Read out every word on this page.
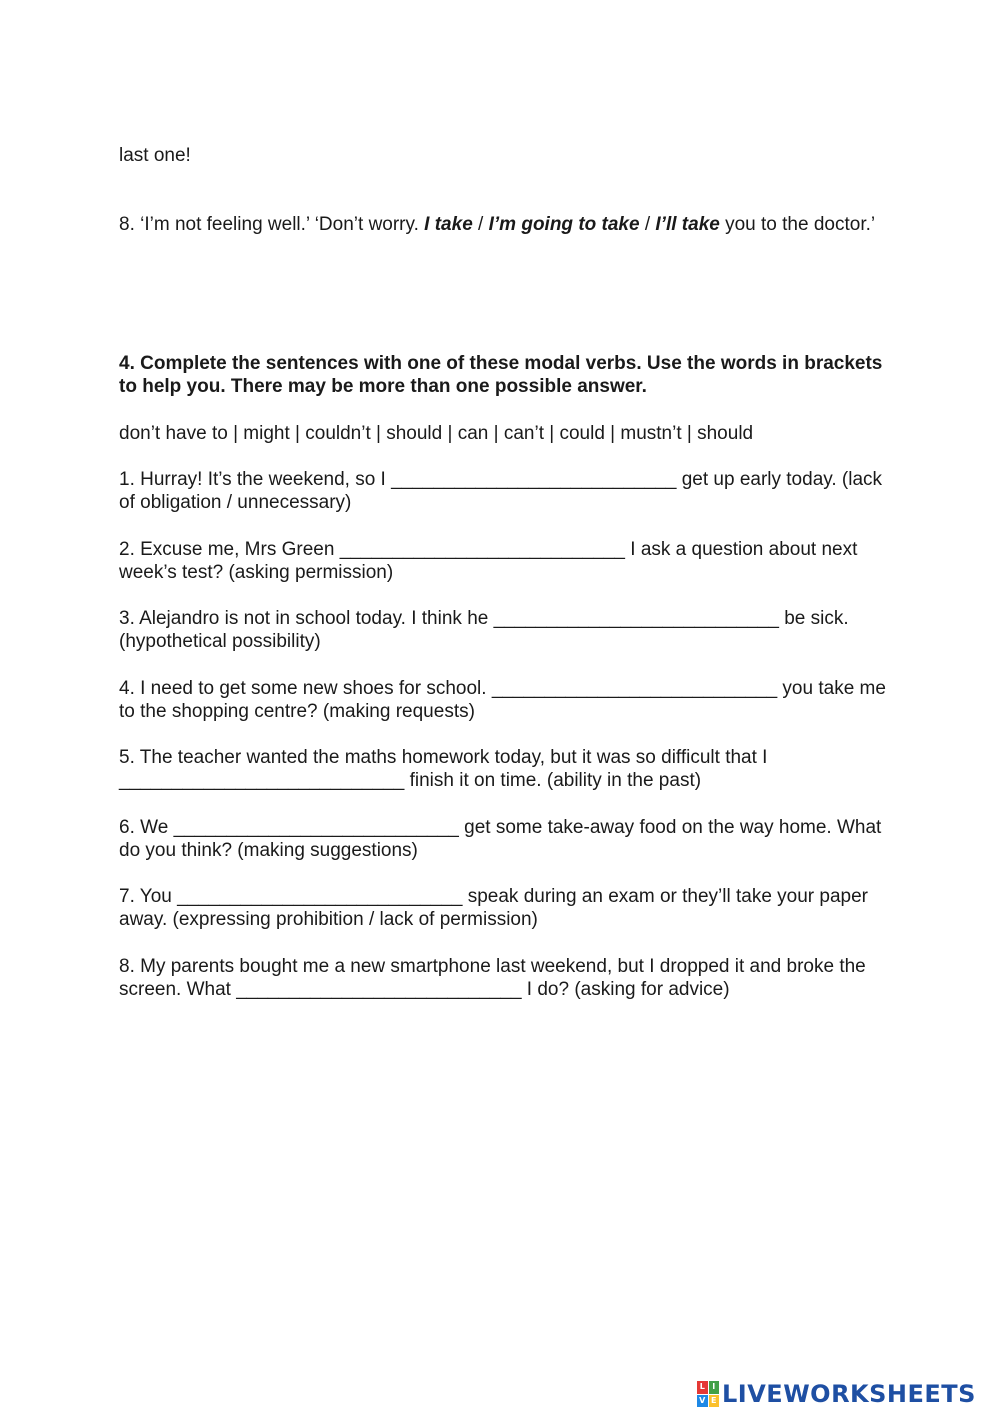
last one!

8. ‘I’m not feeling well.’ ‘Don’t worry. I take / I’m going to take / I’ll take you to the doctor.’

4. Complete the sentences with one of these modal verbs. Use the words in brackets to help you. There may be more than one possible answer.

don’t have to | might | couldn’t | should | can | can’t | could | mustn’t | should

1. Hurray! It’s the weekend, so I ___________________________ get up early today. (lack of obligation / unnecessary)

2. Excuse me, Mrs Green ___________________________ I ask a question about next week’s test? (asking permission)

3. Alejandro is not in school today. I think he ___________________________ be sick. (hypothetical possibility)

4. I need to get some new shoes for school. ___________________________ you take me to the shopping centre? (making requests)

5. The teacher wanted the maths homework today, but it was so difficult that I ___________________________ finish it on time. (ability in the past)

6. We ___________________________ get some take-away food on the way home. What do you think? (making suggestions)

7. You ___________________________ speak during an exam or they’ll take your paper away. (expressing prohibition / lack of permission)

8. My parents bought me a new smartphone last weekend, but I dropped it and broke the screen. What ___________________________ I do? (asking for advice)

L I
V E LIVEWORKSHEETS
